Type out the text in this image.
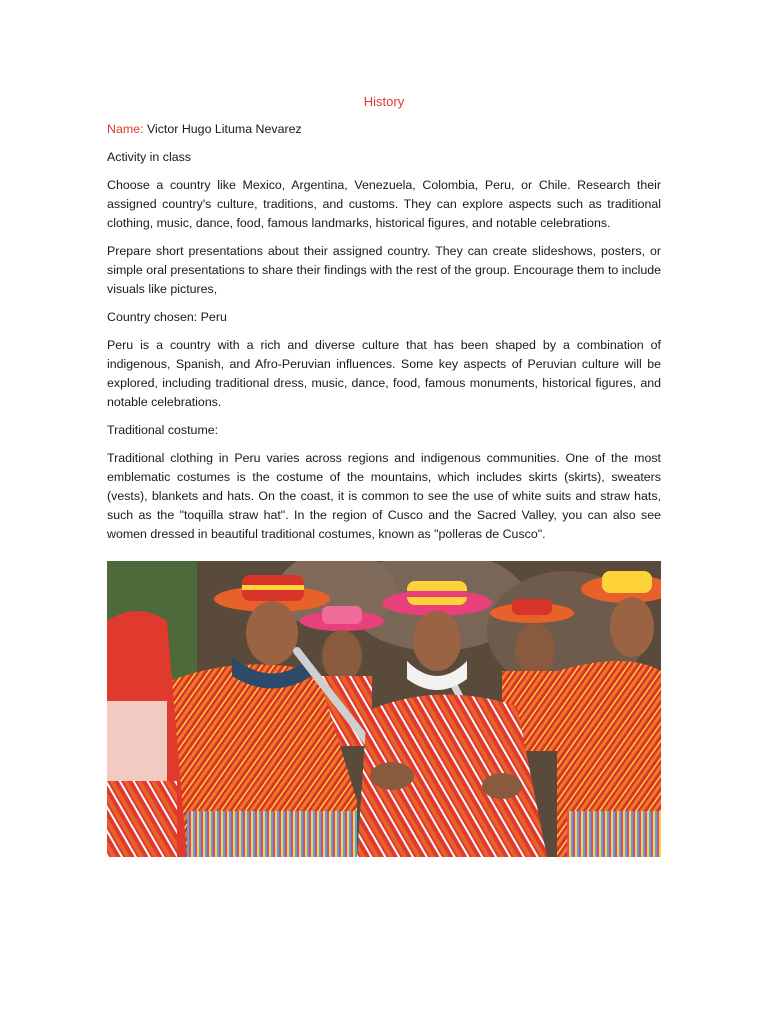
History
Name: Victor Hugo Lituma Nevarez
Activity in class
Choose a country like Mexico, Argentina, Venezuela, Colombia, Peru, or Chile. Research their assigned country's culture, traditions, and customs. They can explore aspects such as traditional clothing, music, dance, food, famous landmarks, historical figures, and notable celebrations.
Prepare short presentations about their assigned country. They can create slideshows, posters, or simple oral presentations to share their findings with the rest of the group. Encourage them to include visuals like pictures,
Country chosen: Peru
Peru is a country with a rich and diverse culture that has been shaped by a combination of indigenous, Spanish, and Afro-Peruvian influences. Some key aspects of Peruvian culture will be explored, including traditional dress, music, dance, food, famous monuments, historical figures, and notable celebrations.
Traditional costume:
Traditional clothing in Peru varies across regions and indigenous communities. One of the most emblematic costumes is the costume of the mountains, which includes skirts (skirts), sweaters (vests), blankets and hats. On the coast, it is common to see the use of white suits and straw hats, such as the "toquilla straw hat". In the region of Cusco and the Sacred Valley, you can also see women dressed in beautiful traditional costumes, known as "polleras de Cusco".
